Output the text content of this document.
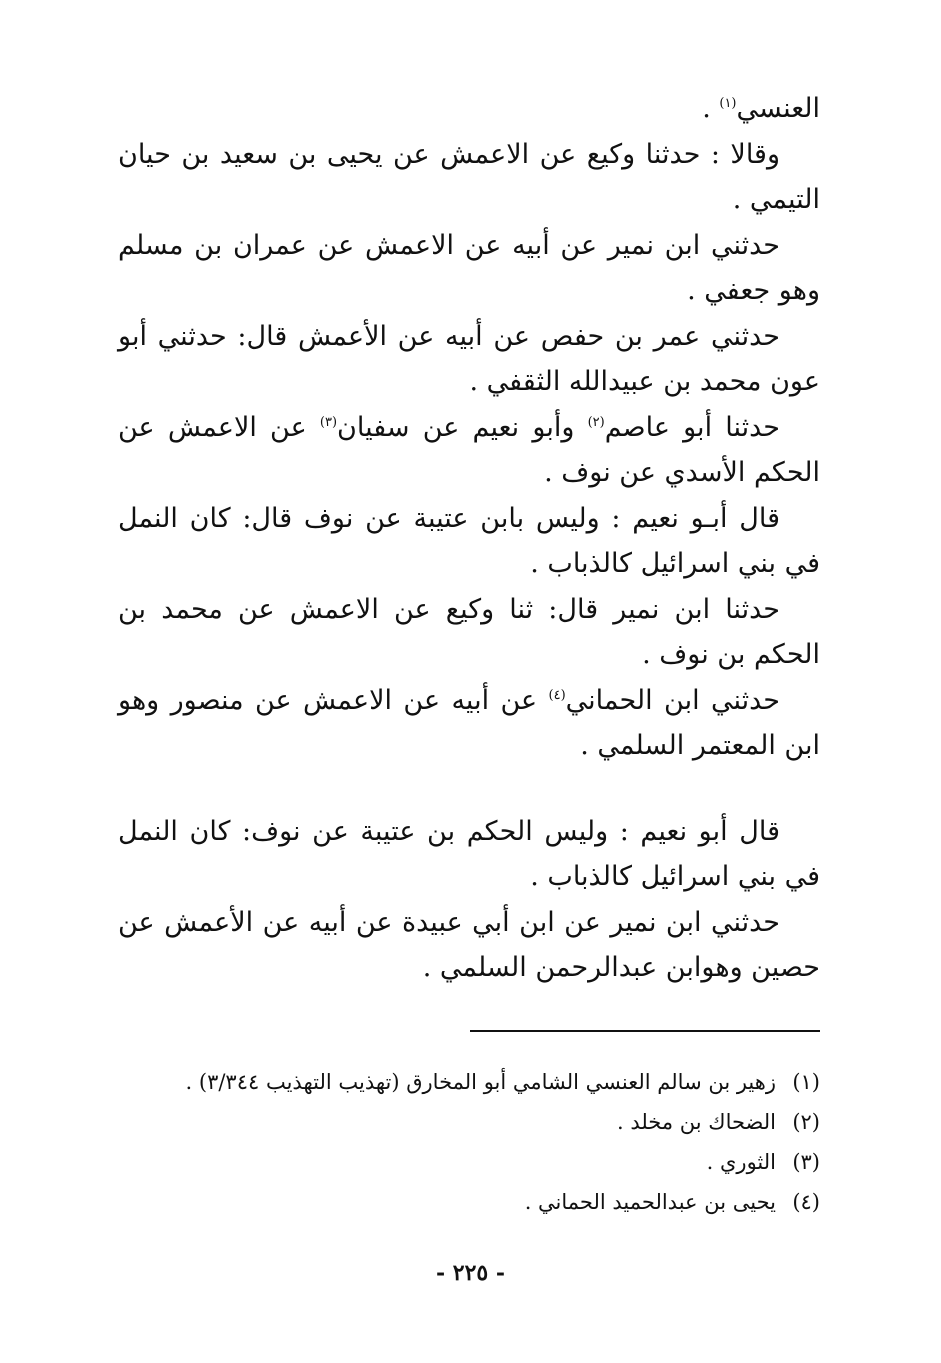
العنسي$^{(١)}$ .

وقالا : حدثنا وكيع عن الاعمش عن يحيى بن سعيد بن حيان التيمي .

حدثني ابن نمير عن أبيه عن الاعمش عن عمران بن مسلم وهو جعفي .

حدثني عمر بن حفص عن أبيه عن الأعمش قال: حدثني أبو عون محمد بن عبيدالله الثقفي .

حدثنا أبو عاصم$^{(٢)}$ وأبو نعيم عن سفيان$^{(٣)}$ عن الاعمش عن الحكم الأسدي عن نوف .

قال أبـو نعيم : وليس بابن عتيبة عن نوف قال: كان النمل في بني اسرائيل كالذباب .

حدثنا ابن نمير قال: ثنا وكيع عن الاعمش عن محمد بن الحكم بن نوف .

حدثني ابن الحماني$^{(٤)}$ عن أبيه عن الاعمش عن منصور وهو ابن المعتمر السلمي .

قال أبو نعيم : وليس الحكم بن عتيبة عن نوف: كان النمل في بني اسرائيل كالذباب .

حدثني ابن نمير عن ابن أبي عبيدة عن أبيه عن الأعمش عن حصين وهوابن عبدالرحمن السلمي .

(١)زهير بن سالم العنسي الشامي أبو المخارق (تهذيب التهذيب ٣/٣٤٤) .

(٢)الضحاك بن مخلد .

(٣)الثوري .

(٤)يحيى بن عبدالحميد الحماني .

- ٢٢٥ -
